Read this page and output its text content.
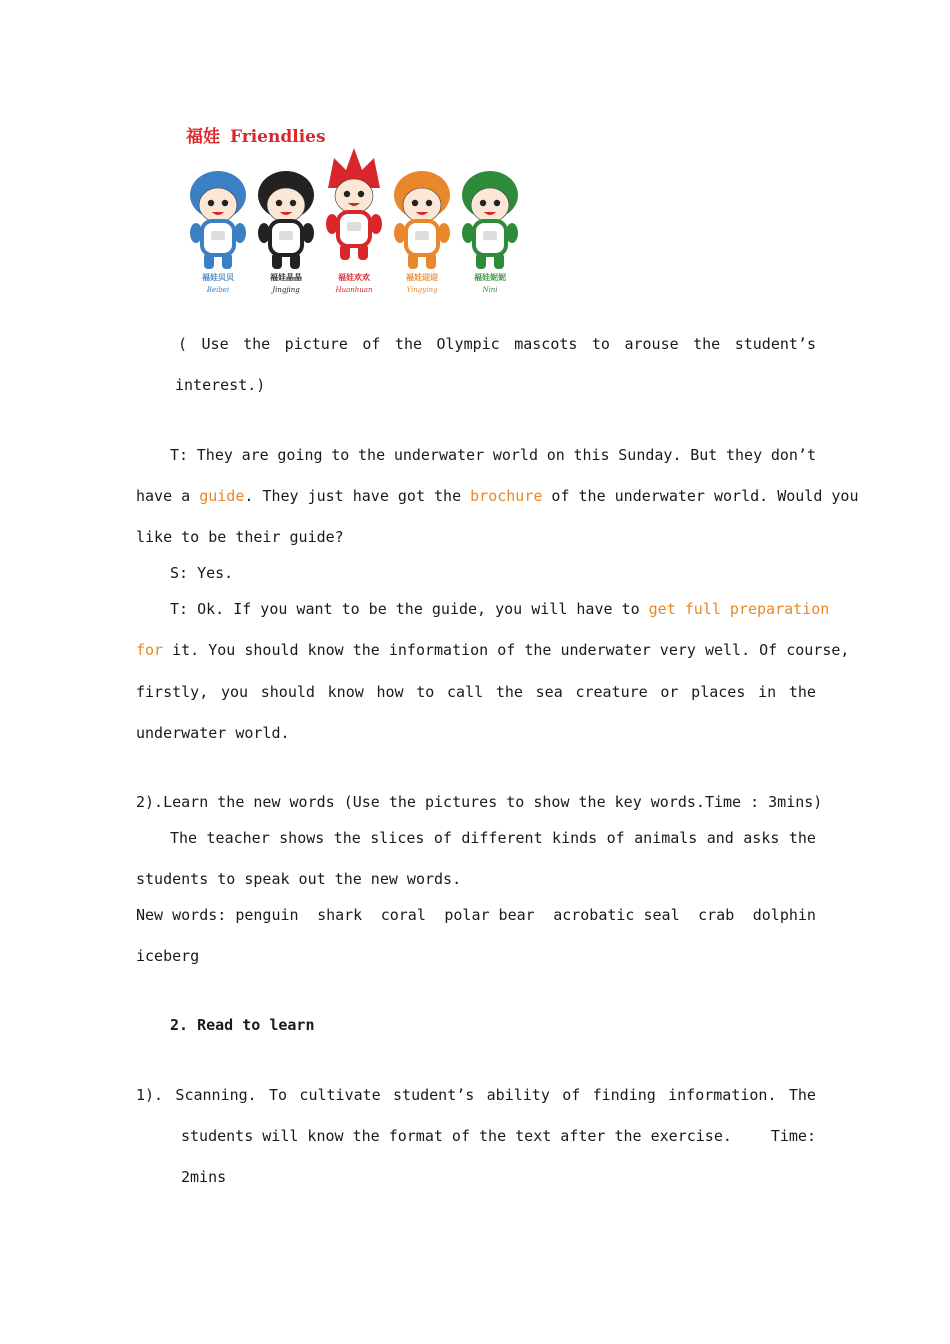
福娃 Friendlies
福娃贝贝
Beibei
福娃晶晶
Jingjing
福娃欢欢
Huanhuan
福娃迎迎
Yingying
福娃妮妮
Nini
( Use the picture of the Olympic mascots to arouse the student’s
interest.)
T: They are going to the underwater world on this Sunday. But they don’t
have a guide. They just have got the brochure of the underwater world. Would you
like to be their guide?
S: Yes.
T: Ok. If you want to be the guide, you will have to get full preparation
for it. You should know the information of the underwater very well. Of course,
firstly, you should know how to call the sea creature or places in the
underwater world.
2).Learn the new words (Use the pictures to show the key words.Time : 3mins)
The teacher shows the slices of different kinds of animals and asks the
students to speak out the new words.
New words: penguin shark coral polar bear acrobatic seal crab dolphin
iceberg
2. Read to learn
1). Scanning. To cultivate student’s ability of finding information. The
students will know the format of the text after the exercise.	Time:
2mins
